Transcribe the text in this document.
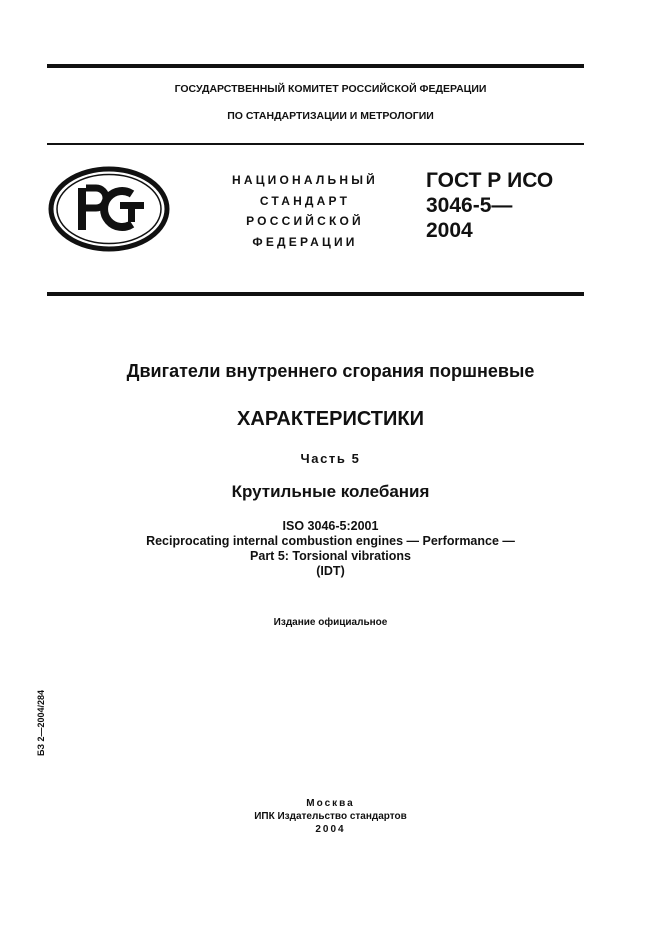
ГОСУДАРСТВЕННЫЙ КОМИТЕТ РОССИЙСКОЙ ФЕДЕРАЦИИ
ПО СТАНДАРТИЗАЦИИ И МЕТРОЛОГИИ
НАЦИОНАЛЬНЫЙ
СТАНДАРТ
РОССИЙСКОЙ
ФЕДЕРАЦИИ
ГОСТ Р ИСО
3046-5—
2004
Двигатели внутреннего сгорания поршневые
ХАРАКТЕРИСТИКИ
Часть 5
Крутильные колебания
ISO 3046-5:2001
Reciprocating internal combustion engines — Performance —
Part 5: Torsional vibrations
(IDT)
Издание официальное
БЗ 2—2004/284
Москва
ИПК Издательство стандартов
2004
